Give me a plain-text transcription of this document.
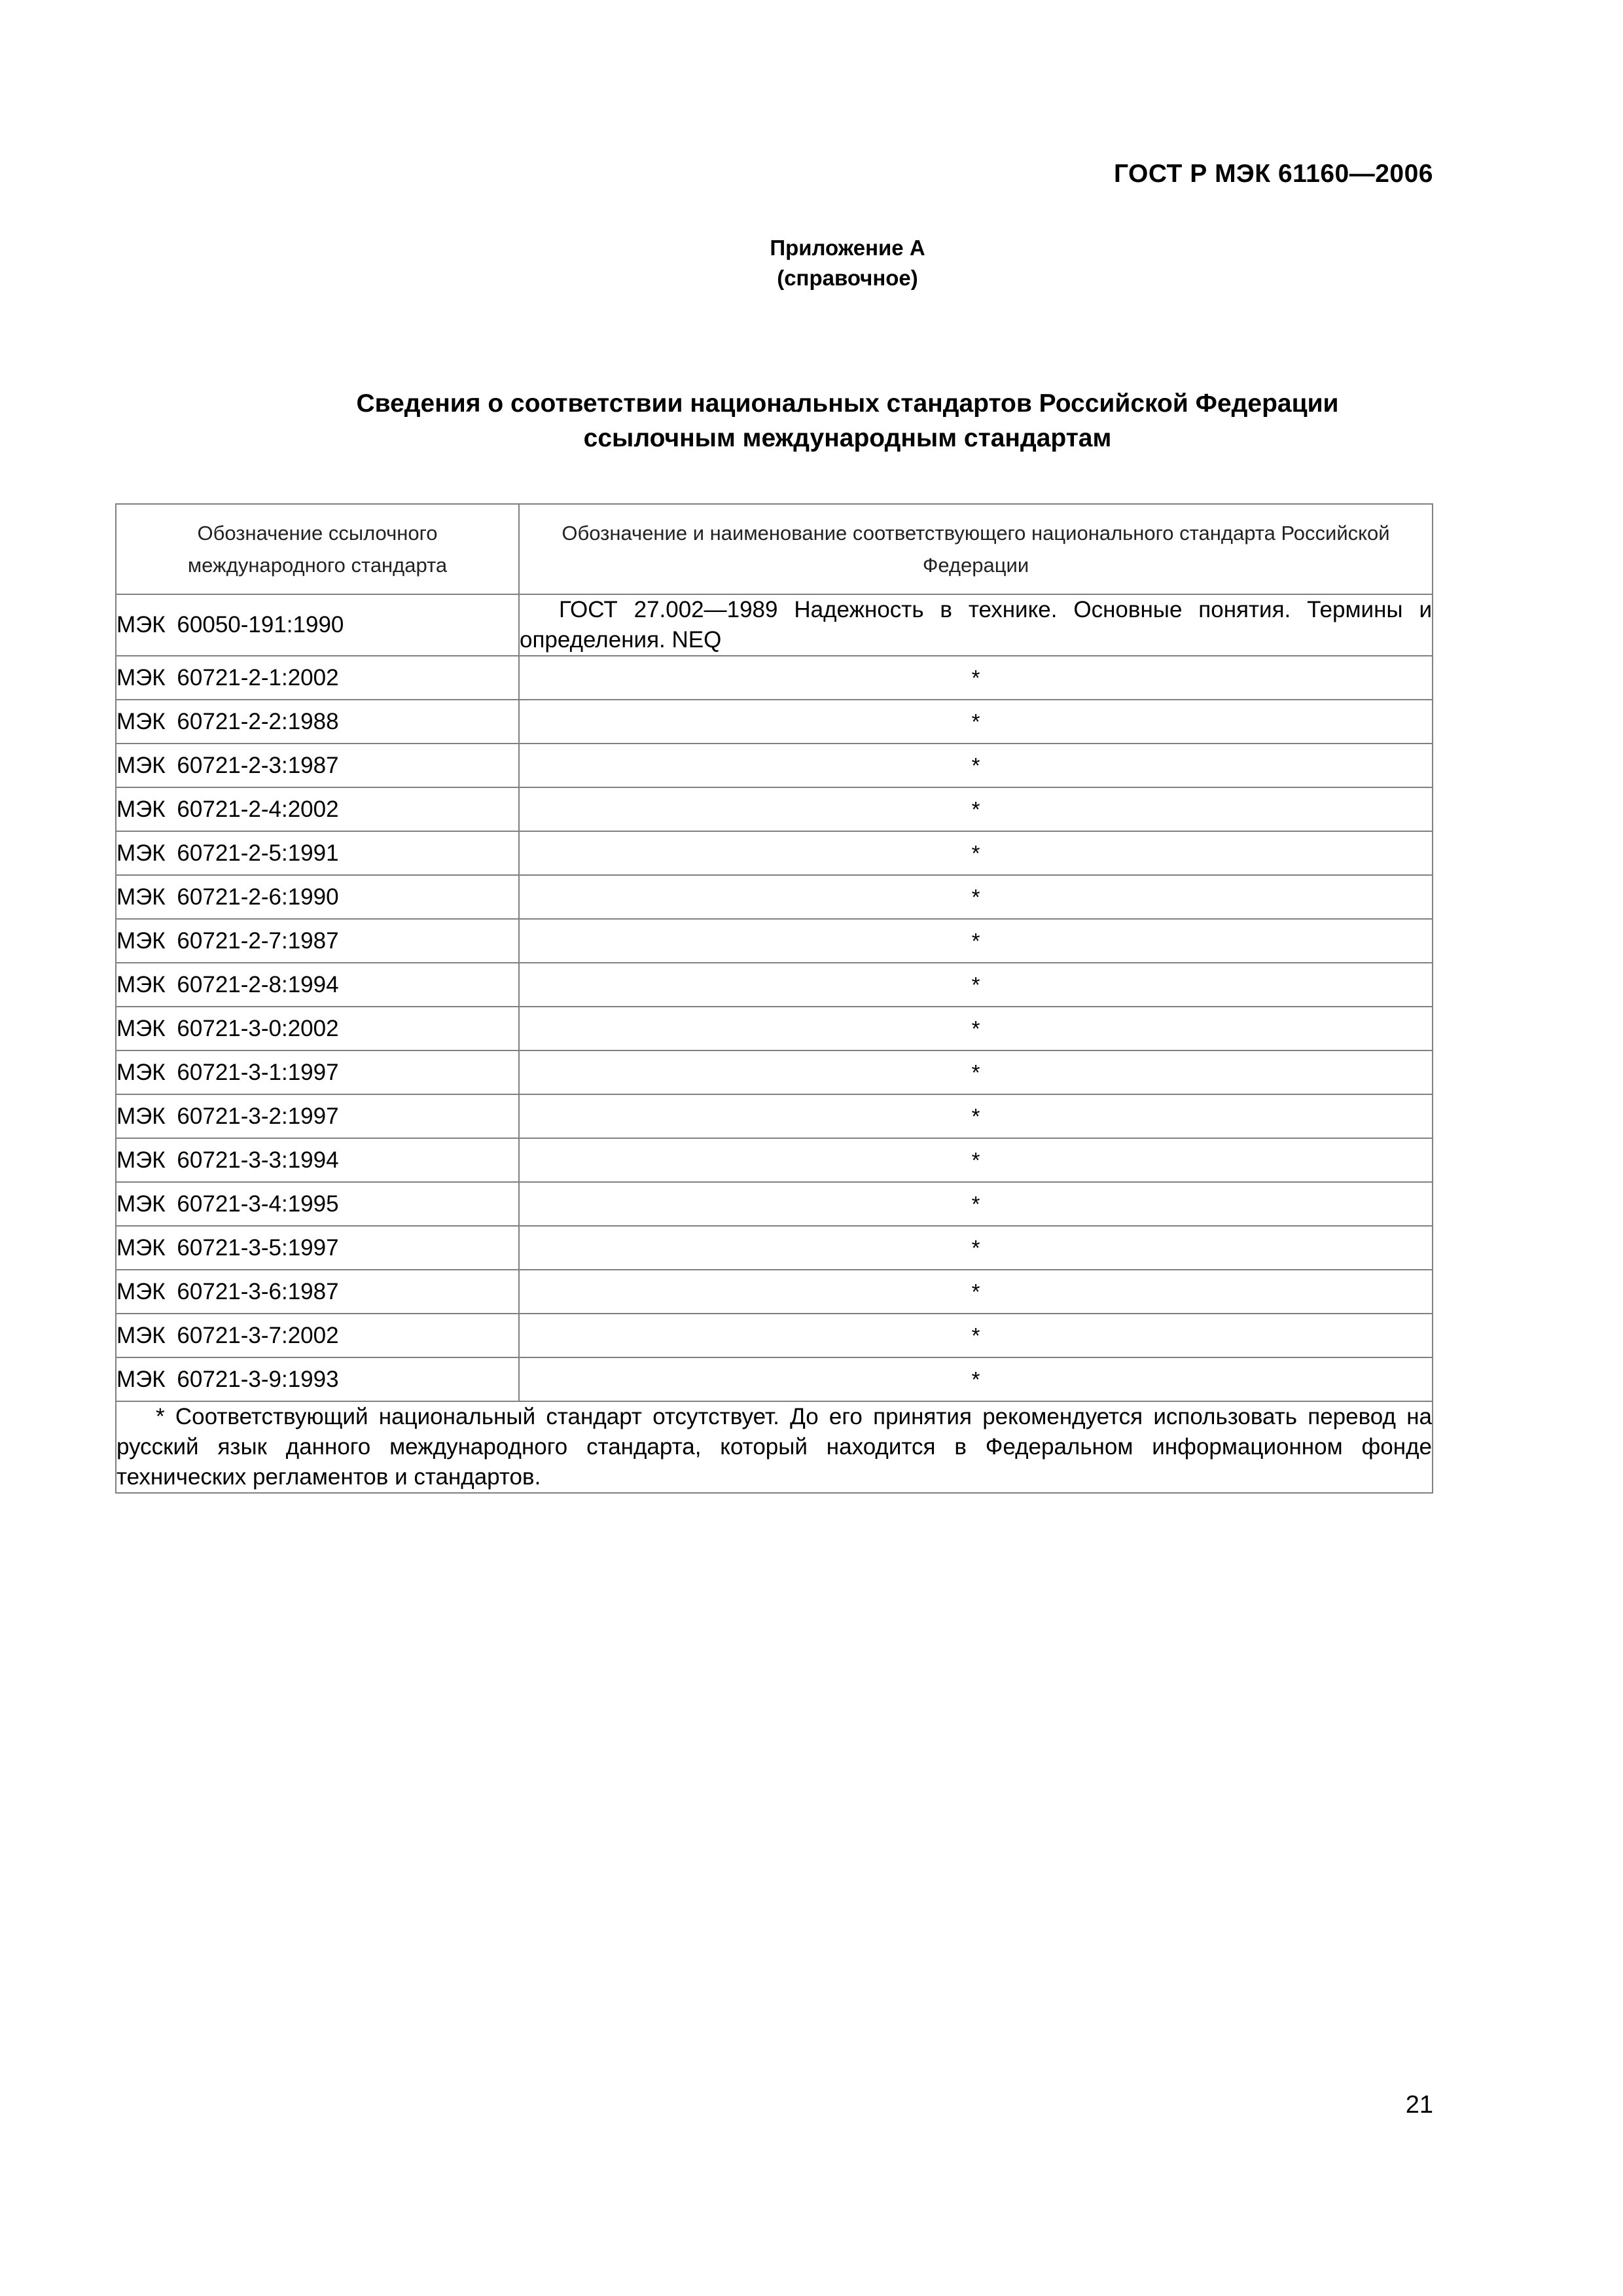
ГОСТ Р МЭК 61160—2006
Приложение А
(справочное)
Сведения о соответствии национальных стандартов Российской Федерации
ссылочным международным стандартам
Обозначение ссылочного международного стандарта	Обозначение и наименование соответствующего национального стандарта Российской Федерации
МЭК 60050-191:1990	ГОСТ 27.002—1989 Надежность в технике. Основные понятия. Термины и определения. NEQ
МЭК 60721-2-1:2002	*
МЭК 60721-2-2:1988	*
МЭК 60721-2-3:1987	*
МЭК 60721-2-4:2002	*
МЭК 60721-2-5:1991	*
МЭК 60721-2-6:1990	*
МЭК 60721-2-7:1987	*
МЭК 60721-2-8:1994	*
МЭК 60721-3-0:2002	*
МЭК 60721-3-1:1997	*
МЭК 60721-3-2:1997	*
МЭК 60721-3-3:1994	*
МЭК 60721-3-4:1995	*
МЭК 60721-3-5:1997	*
МЭК 60721-3-6:1987	*
МЭК 60721-3-7:2002	*
МЭК 60721-3-9:1993	*
* Соответствующий национальный стандарт отсутствует. До его принятия рекомендуется использовать перевод на русский язык данного международного стандарта, который находится в Федеральном информационном фонде технических регламентов и стандартов.	
21
